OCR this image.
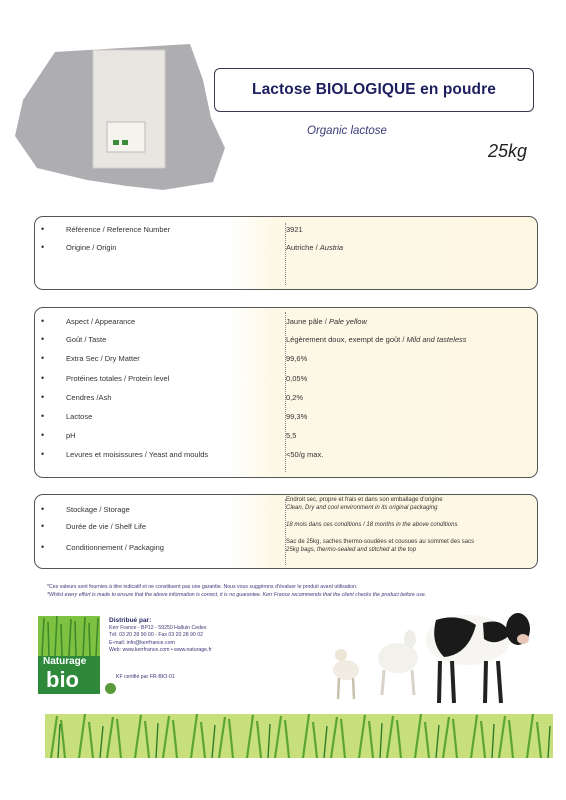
Lactose BIOLOGIQUE en poudre
Organic lactose
25kg
•	Référence / Reference Number	3921
•	Origine / Origin	Autriche / Austria
•	Aspect / Appearance	Jaune pâle / Pale yellow
•	Goût / Taste	Légèrement doux, exempt de goût / Mild and tasteless
•	Extra Sec / Dry Matter	99,6%
•	Protéines totales / Protein level	0,05%
•	Cendres /Ash	0,2%
•	Lactose	99,3%
•	pH	5,5
•	Levures et moisissures / Yeast and moulds	<50/g max.
•	Stockage / Storage
Endroit sec, propre et frais et dans son emballage d'origine
Clean, Dry and cool environment in its original packaging
•	Durée de vie / Shelf Life	18 mois dans ces conditions / 18 months in the above conditions
•	Conditionnement / Packaging
Sac de 25kg, saches thermo-soudées et cousues au sommet des sacs
25kg bags, thermo-sealed and stitched at the top
*Ces valeurs sont fournies à titre indicatif et ne constituent pas une garantie. Nous vous suggérons d'évaluer le produit avant utilisation.
*Whilst every effort is made to ensure that the above information is correct, it is no guarantee. Kerr France recommends that the client checks the product before use.
Naturage
bio
Distribué par:
Kerr France - BP12 - 59250 Halluin Cedex
Tél: 03 20 28 90 00 - Fax 03 20 28 90 02
E-mail: info@kerrfrance.com
Web: www.kerrfrance.com • www.naturage.fr
KF certifié par FR-BIO-01
